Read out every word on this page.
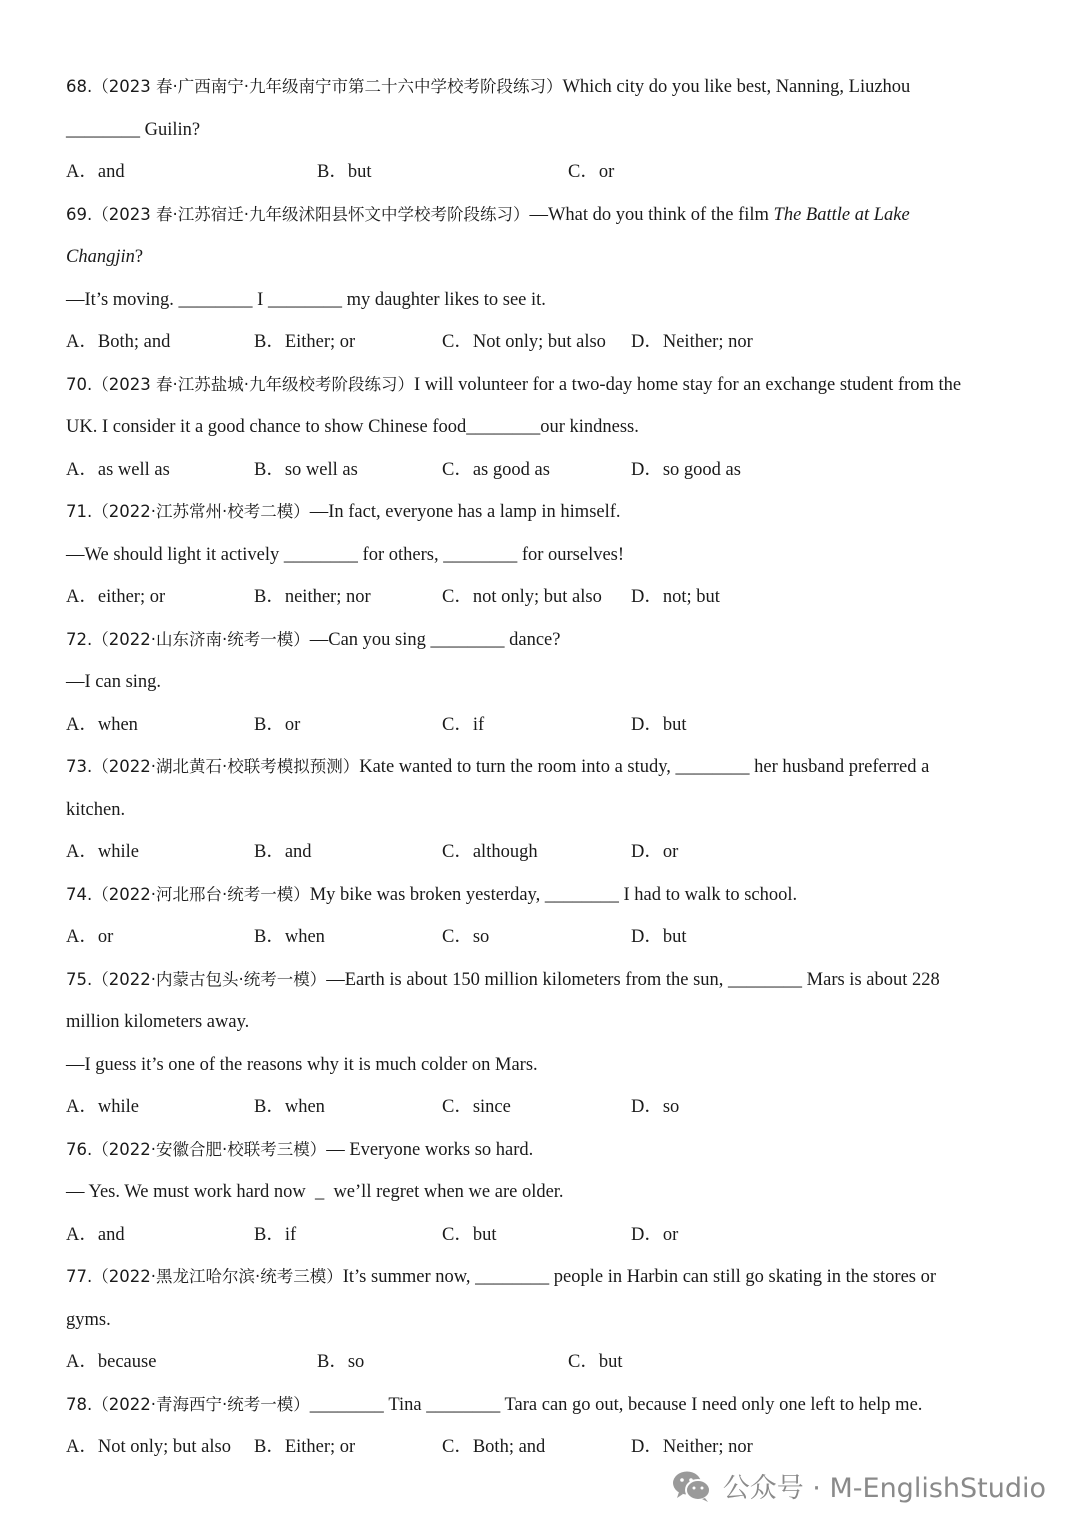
68.（2023 春·广西南宁·九年级南宁市第二十六中学校考阶段练习）Which city do you like best, Nanning, Liuzhou
________ Guilin?
A．and	B．but	C．or
69.（2023 春·江苏宿迁·九年级沭阳县怀文中学校考阶段练习）—What do you think of the film The Battle at Lake
Changjin?
—It’s moving. ________ I ________ my daughter likes to see it.
A．Both; and	B．Either; or	C．Not only; but also	D．Neither; nor
70.（2023 春·江苏盐城·九年级校考阶段练习）I will volunteer for a two-day home stay for an exchange student from the
UK. I consider it a good chance to show Chinese food________our kindness.
A．as well as	B．so well as	C．as good as	D．so good as
71.（2022·江苏常州·校考二模）—In fact, everyone has a lamp in himself.
—We should light it actively ________ for others, ________ for ourselves!
A．either; or	B．neither; nor	C．not only; but also	D．not; but
72.（2022·山东济南·统考一模）—Can you sing ________ dance?
—I can sing.
A．when	B．or	C．if	D．but
73.（2022·湖北黄石·校联考模拟预测）Kate wanted to turn the room into a study, ________ her husband preferred a
kitchen.
A．while	B．and	C．although	D．or
74.（2022·河北邢台·统考一模）My bike was broken yesterday, ________ I had to walk to school.
A．or	B．when	C．so	D．but
75.（2022·内蒙古包头·统考一模）—Earth is about 150 million kilometers from the sun, ________ Mars is about 228
million kilometers away.
—I guess it’s one of the reasons why it is much colder on Mars.
A．while	B．when	C．since	D．so
76.（2022·安徽合肥·校联考三模）— Everyone works so hard.
— Yes. We must work hard now  _  we’ll regret when we are older.
A．and	B．if	C．but	D．or
77.（2022·黑龙江哈尔滨·统考三模）It’s summer now, ________ people in Harbin can still go skating in the stores or
gyms.
A．because	B．so	C．but
78.（2022·青海西宁·统考一模）________ Tina ________ Tara can go out, because I need only one left to help me.
A．Not only; but also	B．Either; or	C．Both; and	D．Neither; nor
公众号 · M-EnglishStudio
